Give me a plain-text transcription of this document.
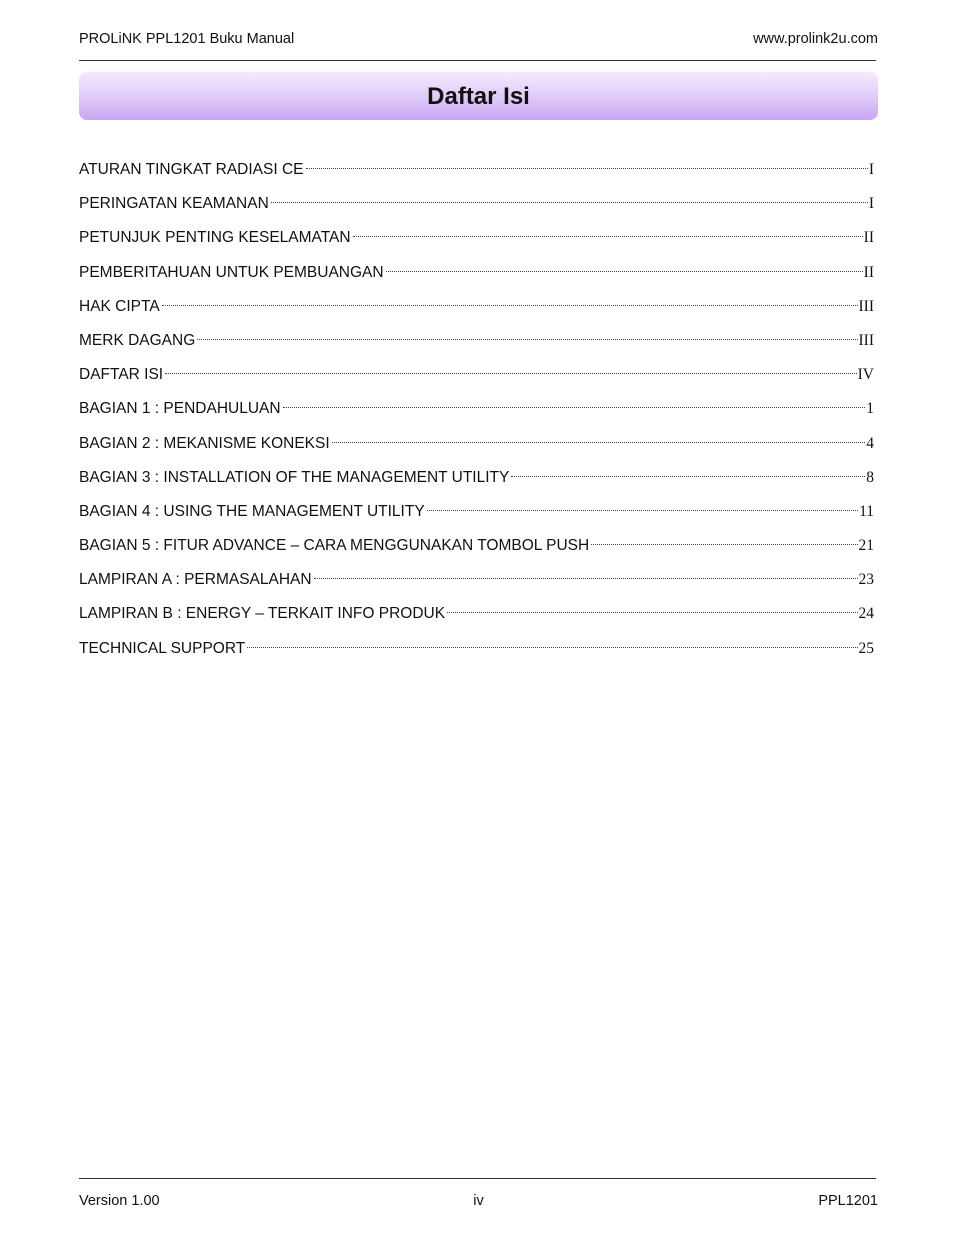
PROLiNK PPL1201 Buku Manual	www.prolink2u.com
Daftar Isi
ATURAN TINGKAT RADIASI CE	I
PERINGATAN KEAMANAN	I
PETUNJUK PENTING KESELAMATAN	II
PEMBERITAHUAN UNTUK PEMBUANGAN	II
HAK CIPTA	III
MERK DAGANG	III
DAFTAR ISI	IV
BAGIAN 1 : PENDAHULUAN	1
BAGIAN 2 : MEKANISME KONEKSI	4
BAGIAN 3 : INSTALLATION OF THE MANAGEMENT UTILITY	8
BAGIAN 4 : USING THE MANAGEMENT UTILITY	11
BAGIAN 5 : FITUR ADVANCE – CARA MENGGUNAKAN TOMBOL PUSH	21
LAMPIRAN A : PERMASALAHAN	23
LAMPIRAN B : ENERGY – TERKAIT INFO PRODUK	24
TECHNICAL SUPPORT	25
Version 1.00	iv	PPL1201
